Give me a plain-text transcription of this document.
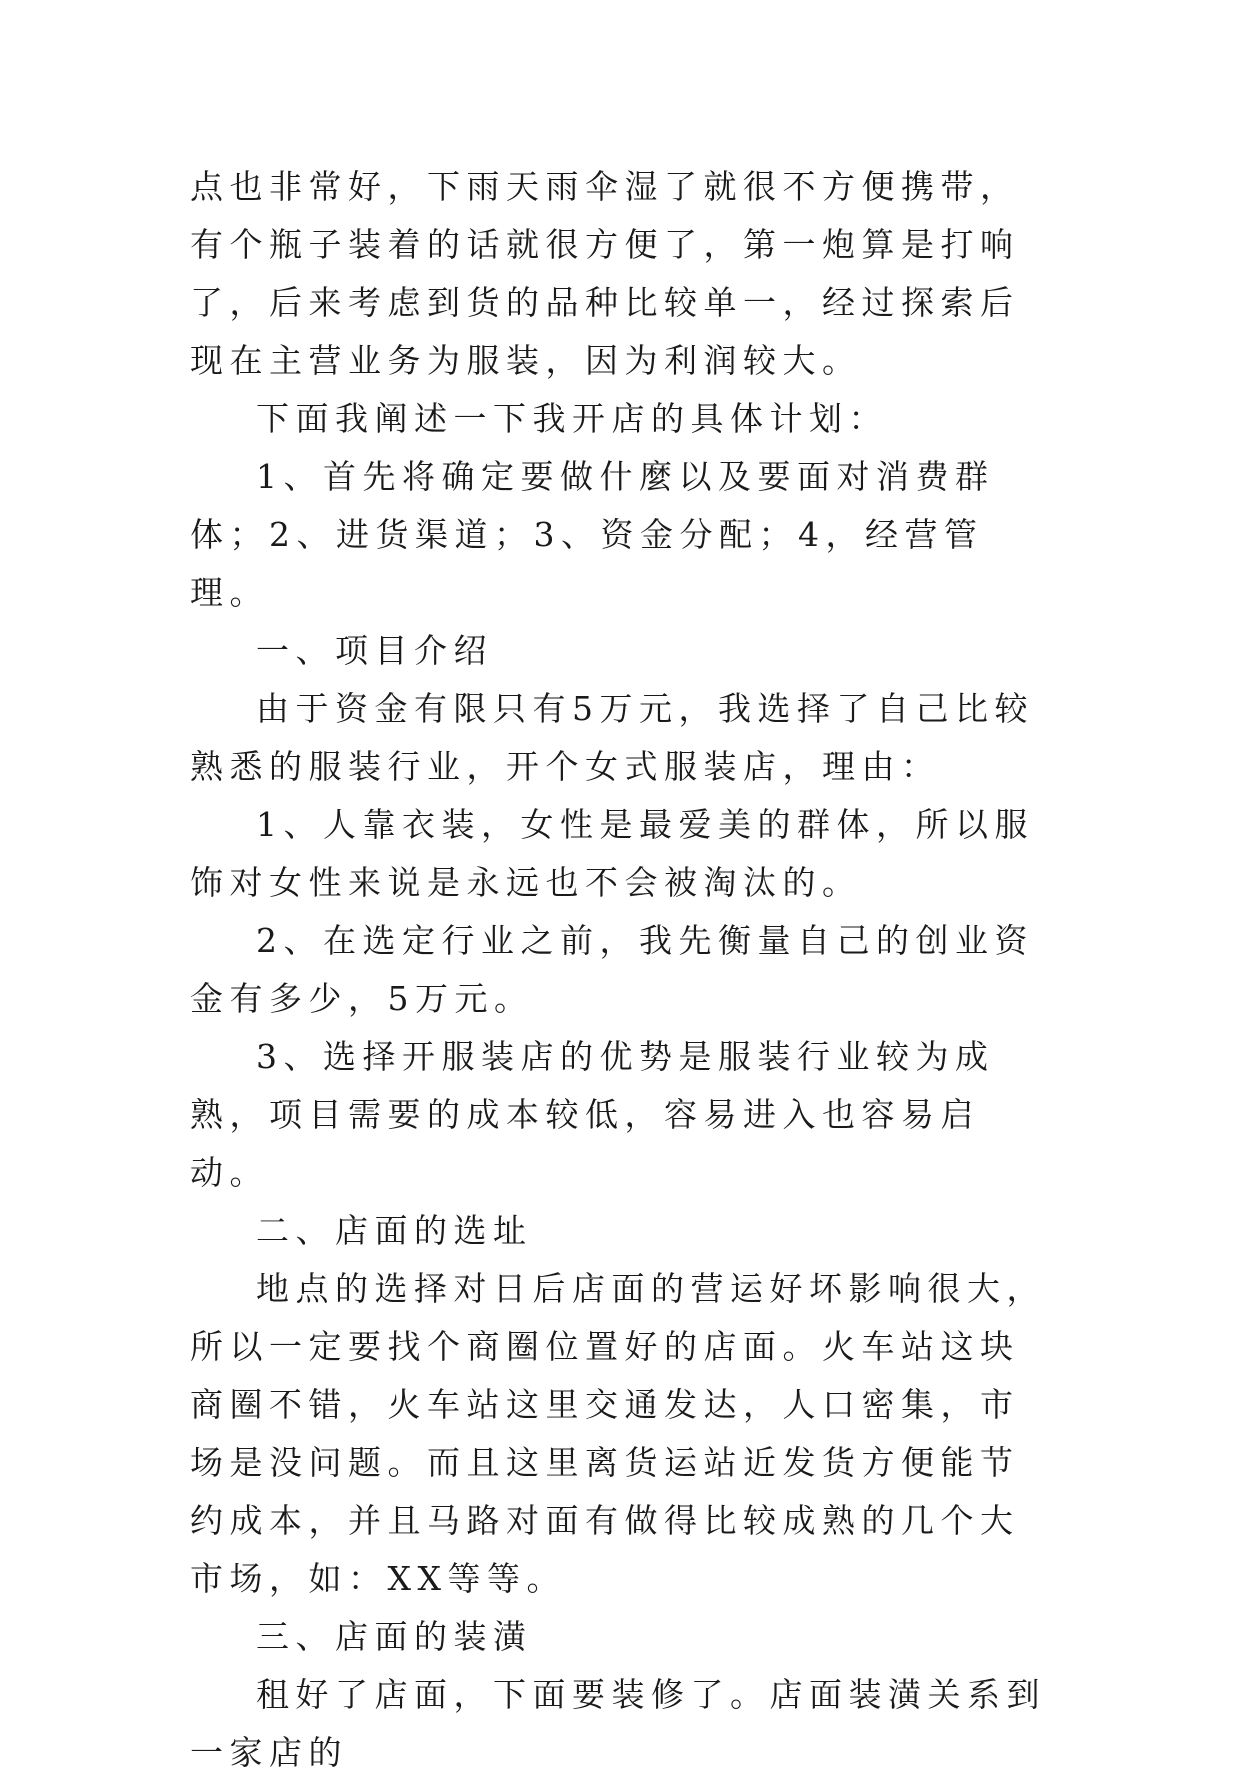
点也非常好，下雨天雨伞湿了就很不方便携带，有个瓶子装着的话就很方便了，第一炮算是打响了，后来考虑到货的品种比较单一，经过探索后现在主营业务为服装，因为利润较大。

下面我阐述一下我开店的具体计划：

1、首先将确定要做什麼以及要面对消费群体；2、进货渠道；3、资金分配；4，经营管理。

一、项目介绍

由于资金有限只有5万元，我选择了自己比较熟悉的服装行业，开个女式服装店，理由：

1、人靠衣装，女性是最爱美的群体，所以服饰对女性来说是永远也不会被淘汰的。

2、在选定行业之前，我先衡量自己的创业资金有多少，5万元。

3、选择开服装店的优势是服装行业较为成熟，项目需要的成本较低，容易进入也容易启动。

二、店面的选址

地点的选择对日后店面的营运好坏影响很大，所以一定要找个商圈位置好的店面。火车站这块商圈不错，火车站这里交通发达，人口密集，市场是没问题。而且这里离货运站近发货方便能节约成本，并且马路对面有做得比较成熟的几个大市场，如：XX等等。

三、店面的装潢

租好了店面，下面要装修了。店面装潢关系到一家店的
